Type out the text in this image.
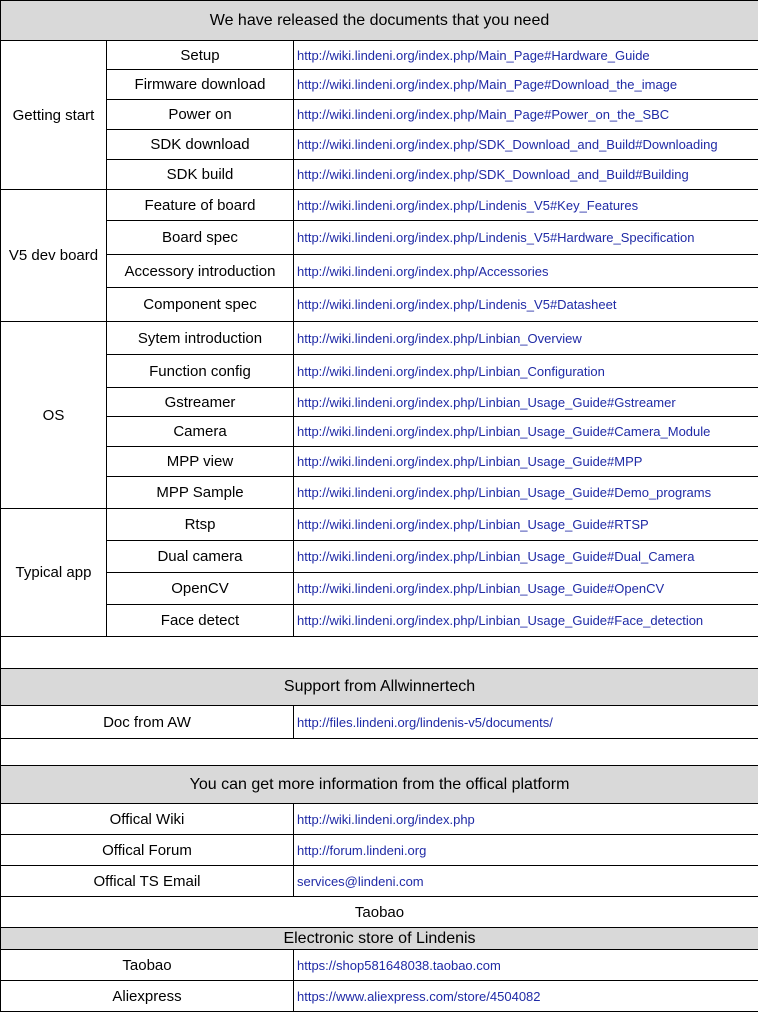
We have released the documents that you need		
Getting start	Setup	http://wiki.lindeni.org/index.php/Main_Page#Hardware_Guide
	Firmware download	http://wiki.lindeni.org/index.php/Main_Page#Download_the_image
	Power on	http://wiki.lindeni.org/index.php/Main_Page#Power_on_the_SBC
	SDK download	http://wiki.lindeni.org/index.php/SDK_Download_and_Build#Downloading
	SDK build	http://wiki.lindeni.org/index.php/SDK_Download_and_Build#Building
V5 dev board	Feature of board	http://wiki.lindeni.org/index.php/Lindenis_V5#Key_Features
	Board spec	http://wiki.lindeni.org/index.php/Lindenis_V5#Hardware_Specification
	Accessory introduction	http://wiki.lindeni.org/index.php/Accessories
	Component spec	http://wiki.lindeni.org/index.php/Lindenis_V5#Datasheet
OS	Sytem introduction	http://wiki.lindeni.org/index.php/Linbian_Overview
	Function config	http://wiki.lindeni.org/index.php/Linbian_Configuration
	Gstreamer	http://wiki.lindeni.org/index.php/Linbian_Usage_Guide#Gstreamer
	Camera	http://wiki.lindeni.org/index.php/Linbian_Usage_Guide#Camera_Module
	MPP view	http://wiki.lindeni.org/index.php/Linbian_Usage_Guide#MPP
	MPP Sample	http://wiki.lindeni.org/index.php/Linbian_Usage_Guide#Demo_programs
Typical app	Rtsp	http://wiki.lindeni.org/index.php/Linbian_Usage_Guide#RTSP
	Dual camera	http://wiki.lindeni.org/index.php/Linbian_Usage_Guide#Dual_Camera
	OpenCV	http://wiki.lindeni.org/index.php/Linbian_Usage_Guide#OpenCV
	Face detect	http://wiki.lindeni.org/index.php/Linbian_Usage_Guide#Face_detection

Support from Allwinnertech		
Doc from AW		http://files.lindeni.org/lindenis-v5/documents/

You can get more information from the offical platform		
Offical Wiki		http://wiki.lindeni.org/index.php
Offical Forum		http://forum.lindeni.org
Offical TS Email		services@lindeni.com
Taobao		
Electronic store of Lindenis		
Taobao		https://shop581648038.taobao.com
Aliexpress		https://www.aliexpress.com/store/4504082
